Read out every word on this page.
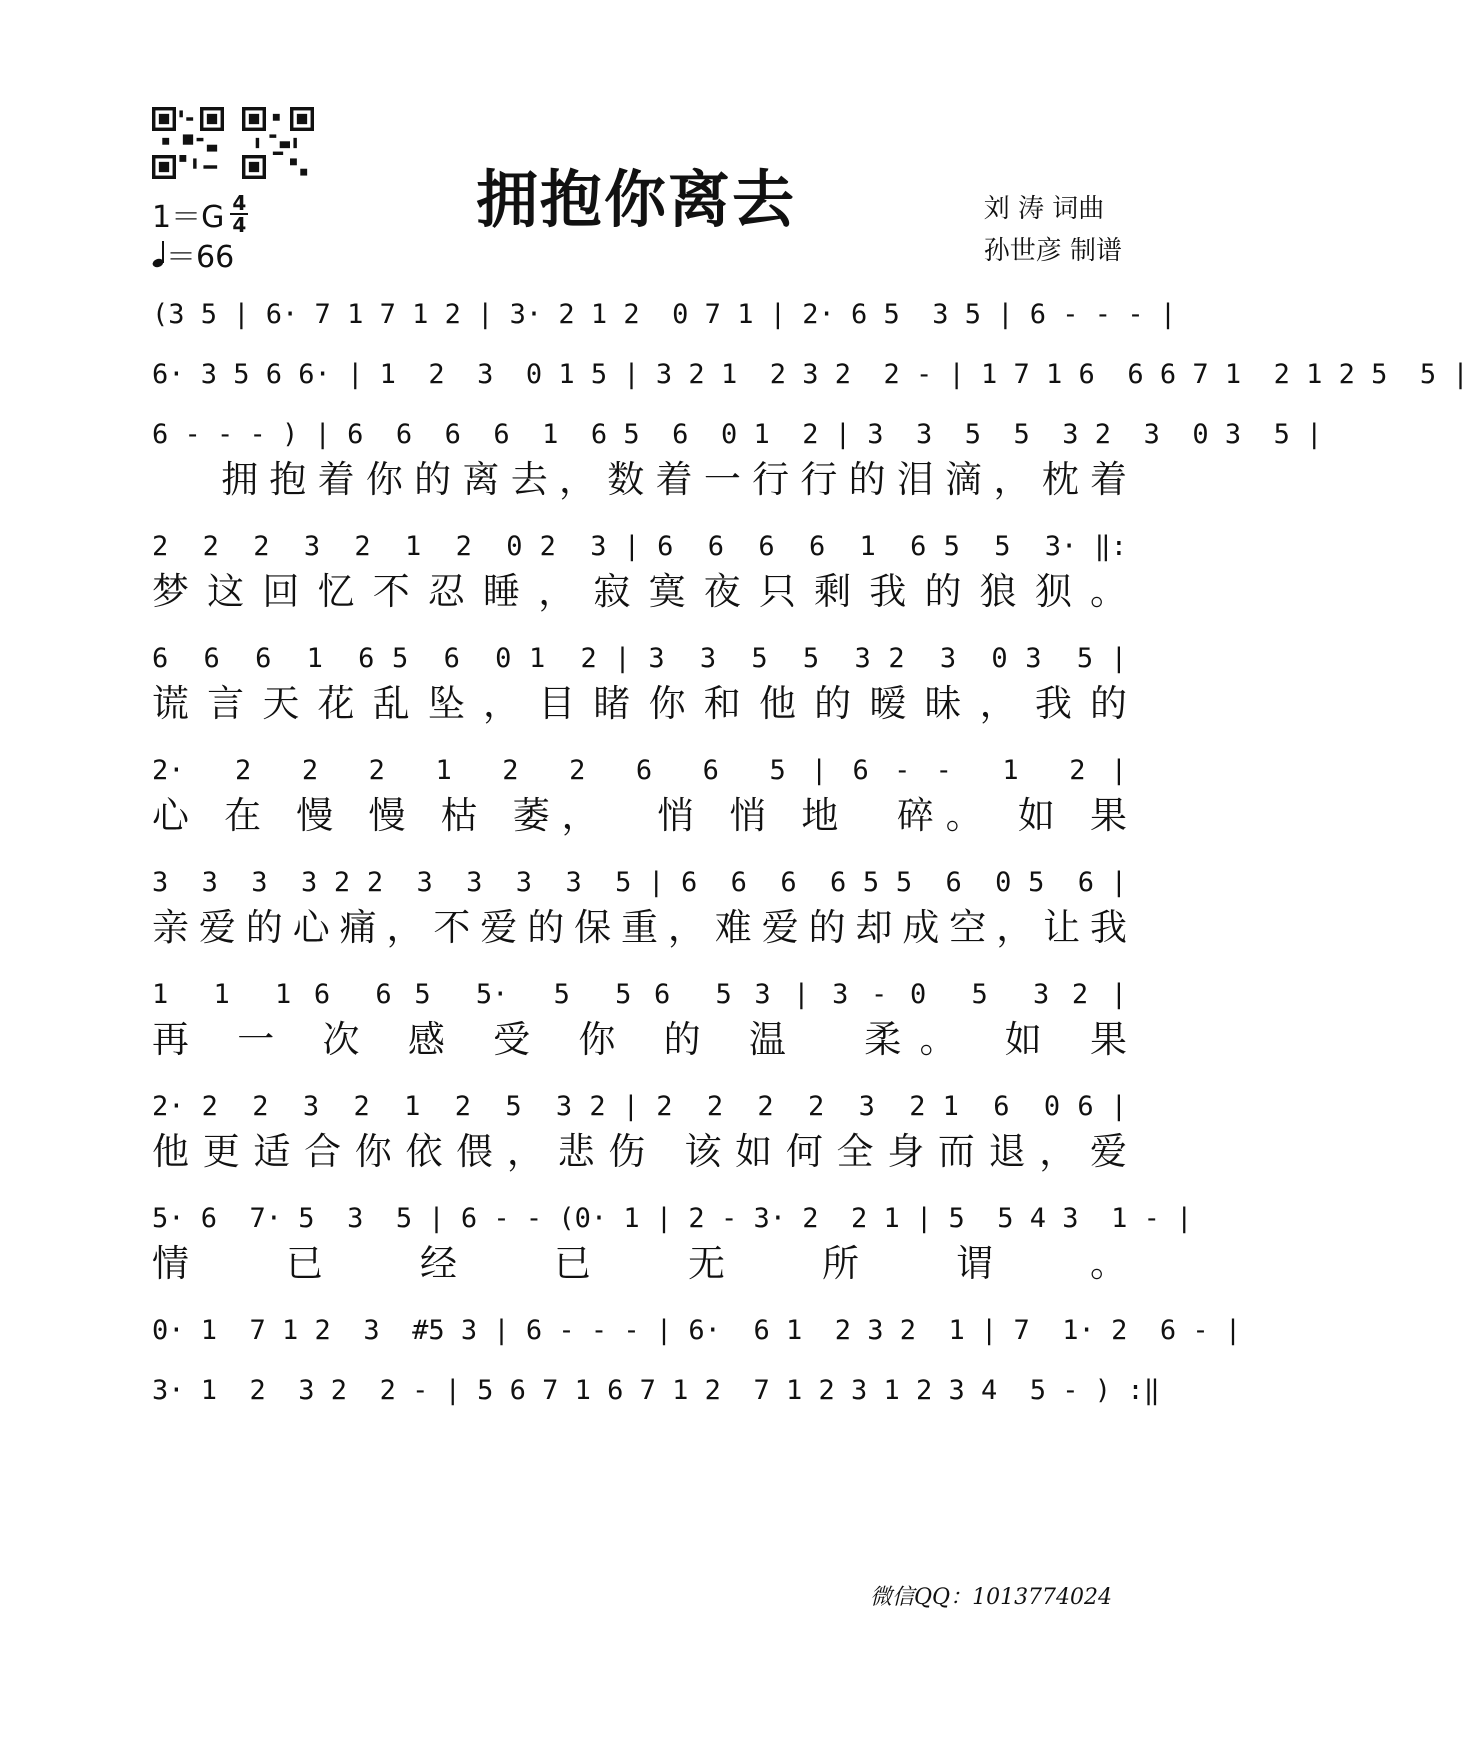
拥抱你离去
$1=G \frac{4}{4}$
＝66
刘 涛 词曲
孙世彦 制谱
(3 5 | 6· 7 1 7 1 2 | 3· 2 1 2  0 7 1 | 2· 6 5  3 5 | 6 - - - |
6· 3 5 6 6· | 1  2  3  0 1 5 | 3 2 1  2 3 2  2 - | 1 7 1 6  6 6 7 1  2 1 2 5  5 |
6 - - - ) | 6  6  6  6  1  6 5  6  0 1  2 | 3  3  5  5  3 2  3  0 3  5 |
拥抱着你的离去，数着一行行的泪滴，枕着
2  2  2  3  2  1  2  0 2  3 | 6  6  6  6  1  6 5  5  3· ‖:
梦这回忆不忍睡，寂寞夜只剩我的狼狈。
6  6  6  1  6 5  6  0 1  2 | 3  3  5  5  3 2  3  0 3  5 |
谎言天花乱坠，目睹你和他的暧昧，我的
2·  2  2  2  1  2  2  6  6  5 | 6 - -  1  2 |
心 在 慢 慢 枯 萎，  悄 悄 地  碎。 如 果
3  3  3  3 2 2  3  3  3  3  5 | 6  6  6  6 5 5  6  0 5  6 |
亲爱的心痛，不爱的保重，难爱的却成空，让我
1  1  1 6  6 5  5·  5  5 6  5 3 | 3 - 0  5  3 2 |
再 一 次 感 受 你 的 温  柔。 如 果
2· 2  2  3  2  1  2  5  3 2 | 2  2  2  2  3  2 1  6  0 6 |
他更适合你依偎，悲伤 该如何全身而退，爱
5· 6  7· 5  3  5 | 6 - - (0· 1 | 2 - 3· 2  2 1 | 5  5 4 3  1 - |
情已经已无所谓。
0· 1  7 1 2  3  #5 3 | 6 - - - | 6·  6 1  2 3 2  1 | 7  1· 2  6 - |
3· 1  2  3 2  2 - | 5 6 7 1 6 7 1 2  7 1 2 3 1 2 3 4  5 - ) :‖
微信QQ：1013774024
